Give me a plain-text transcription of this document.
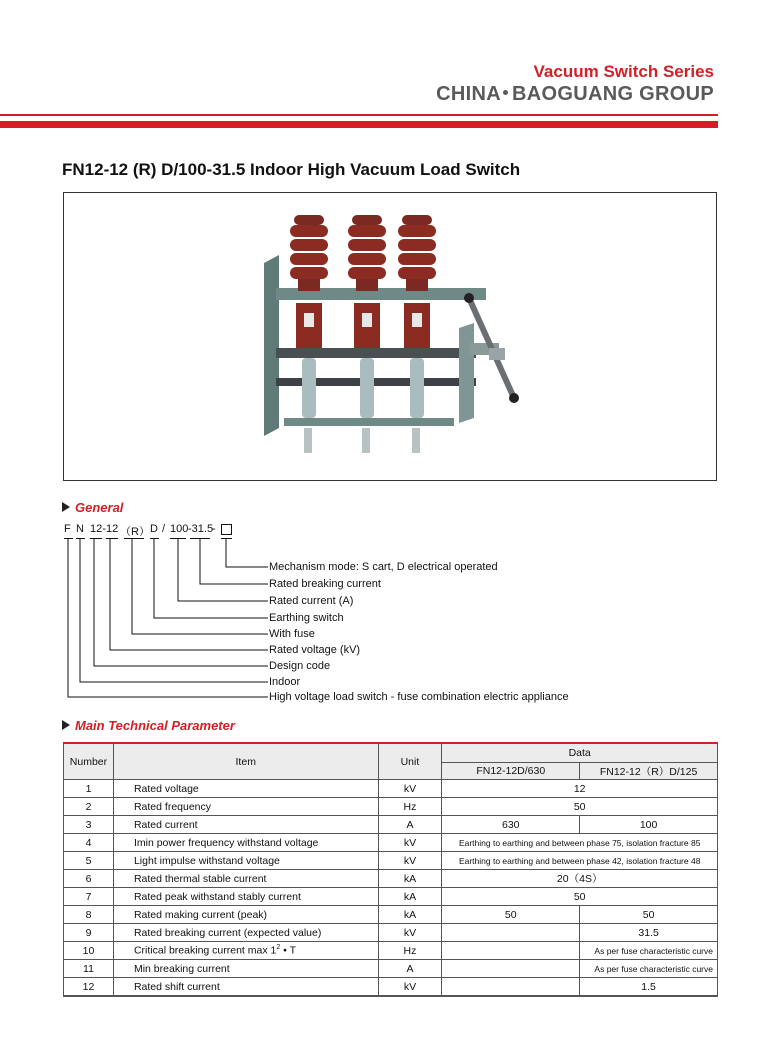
Vacuum Switch Series
CHINA BAOGUANG GROUP
FN12-12 (R) D/100-31.5 Indoor High Vacuum Load Switch
General
F N 12- 12 （R） D / 100 -31.5
-
Mechanism mode: S cart, D electrical operated
Rated breaking current
Rated current (A)
Earthing switch
With fuse
Rated voltage (kV)
Design code
Indoor
High voltage load switch - fuse combination electric appliance
Main Technical Parameter
Number	Item	Unit	Data	
			FN12-12D/630	FN12-12（R）D/125
1	Rated voltage	kV	12	
2	Rated frequency	Hz	50	
3	Rated current	A	630	100
4	Imin power frequency withstand voltage	kV	Earthing to earthing and between phase 75, isolation fracture 85	
5	Light impulse withstand voltage	kV	Earthing to earthing and between phase 42, isolation fracture 48	
6	Rated thermal stable current	kA	20（4S）	
7	Rated peak withstand stably current	kA	50	
8	Rated making current (peak)	kA	50	50
9	Rated breaking current (expected value)	kV		31.5
10	Critical breaking current $\max 1^2$ • T	Hz		As per fuse characteristic curve
11	Min breaking current	A		As per fuse characteristic curve
12	Rated shift current	kV		1.5
